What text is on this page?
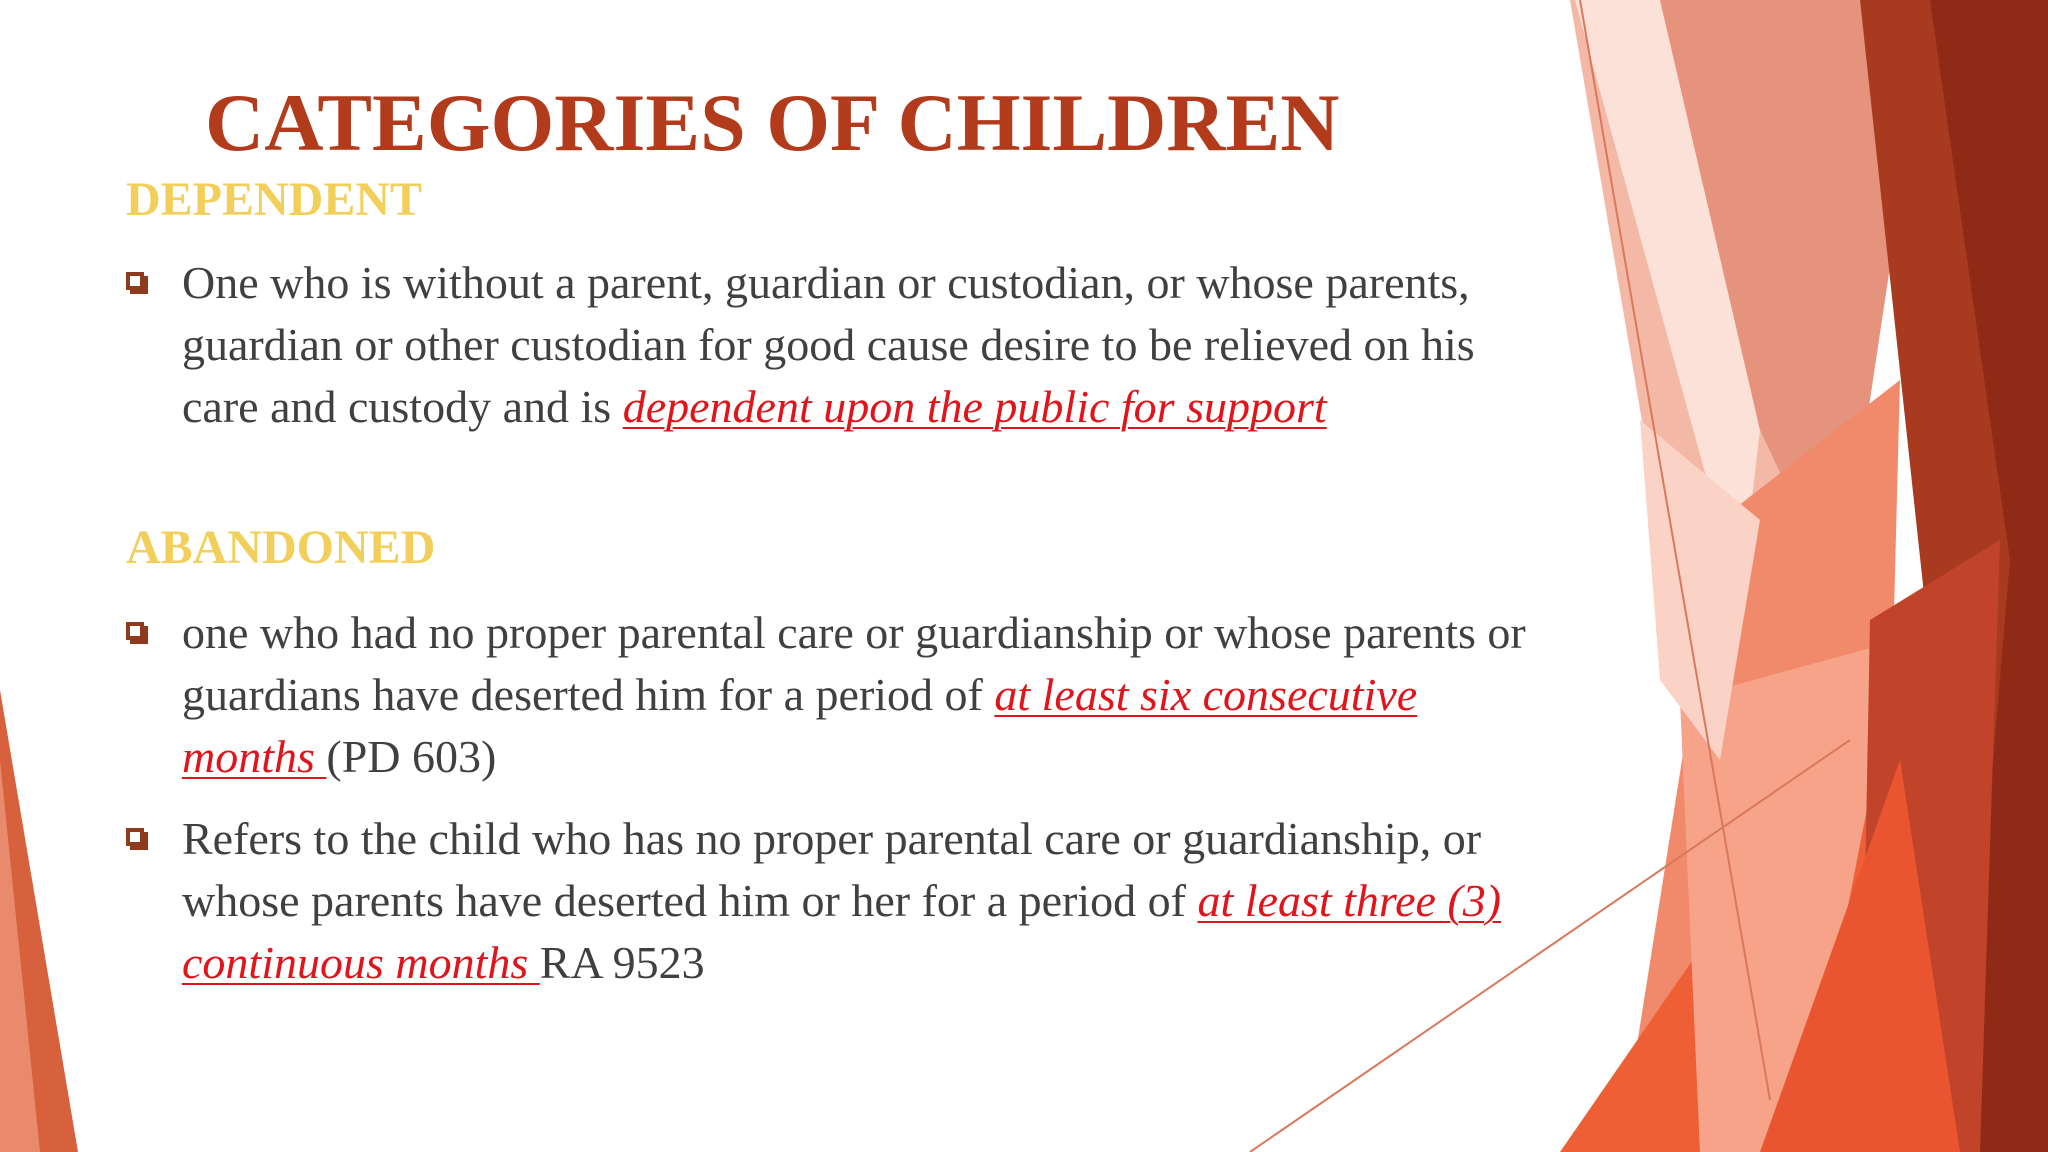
CATEGORIES OF CHILDREN
DEPENDENT
One who is without a parent, guardian or custodian, or whose parents, guardian or other custodian for good cause desire to be relieved on his care and custody and is dependent upon the public for support
ABANDONED
one who had no proper parental care or guardianship or whose parents or guardians have deserted him for a period of at least six consecutive months (PD 603)
Refers to the child who has no proper parental care or guardianship, or whose parents have deserted him or her for a period of at least three (3) continuous months RA 9523
